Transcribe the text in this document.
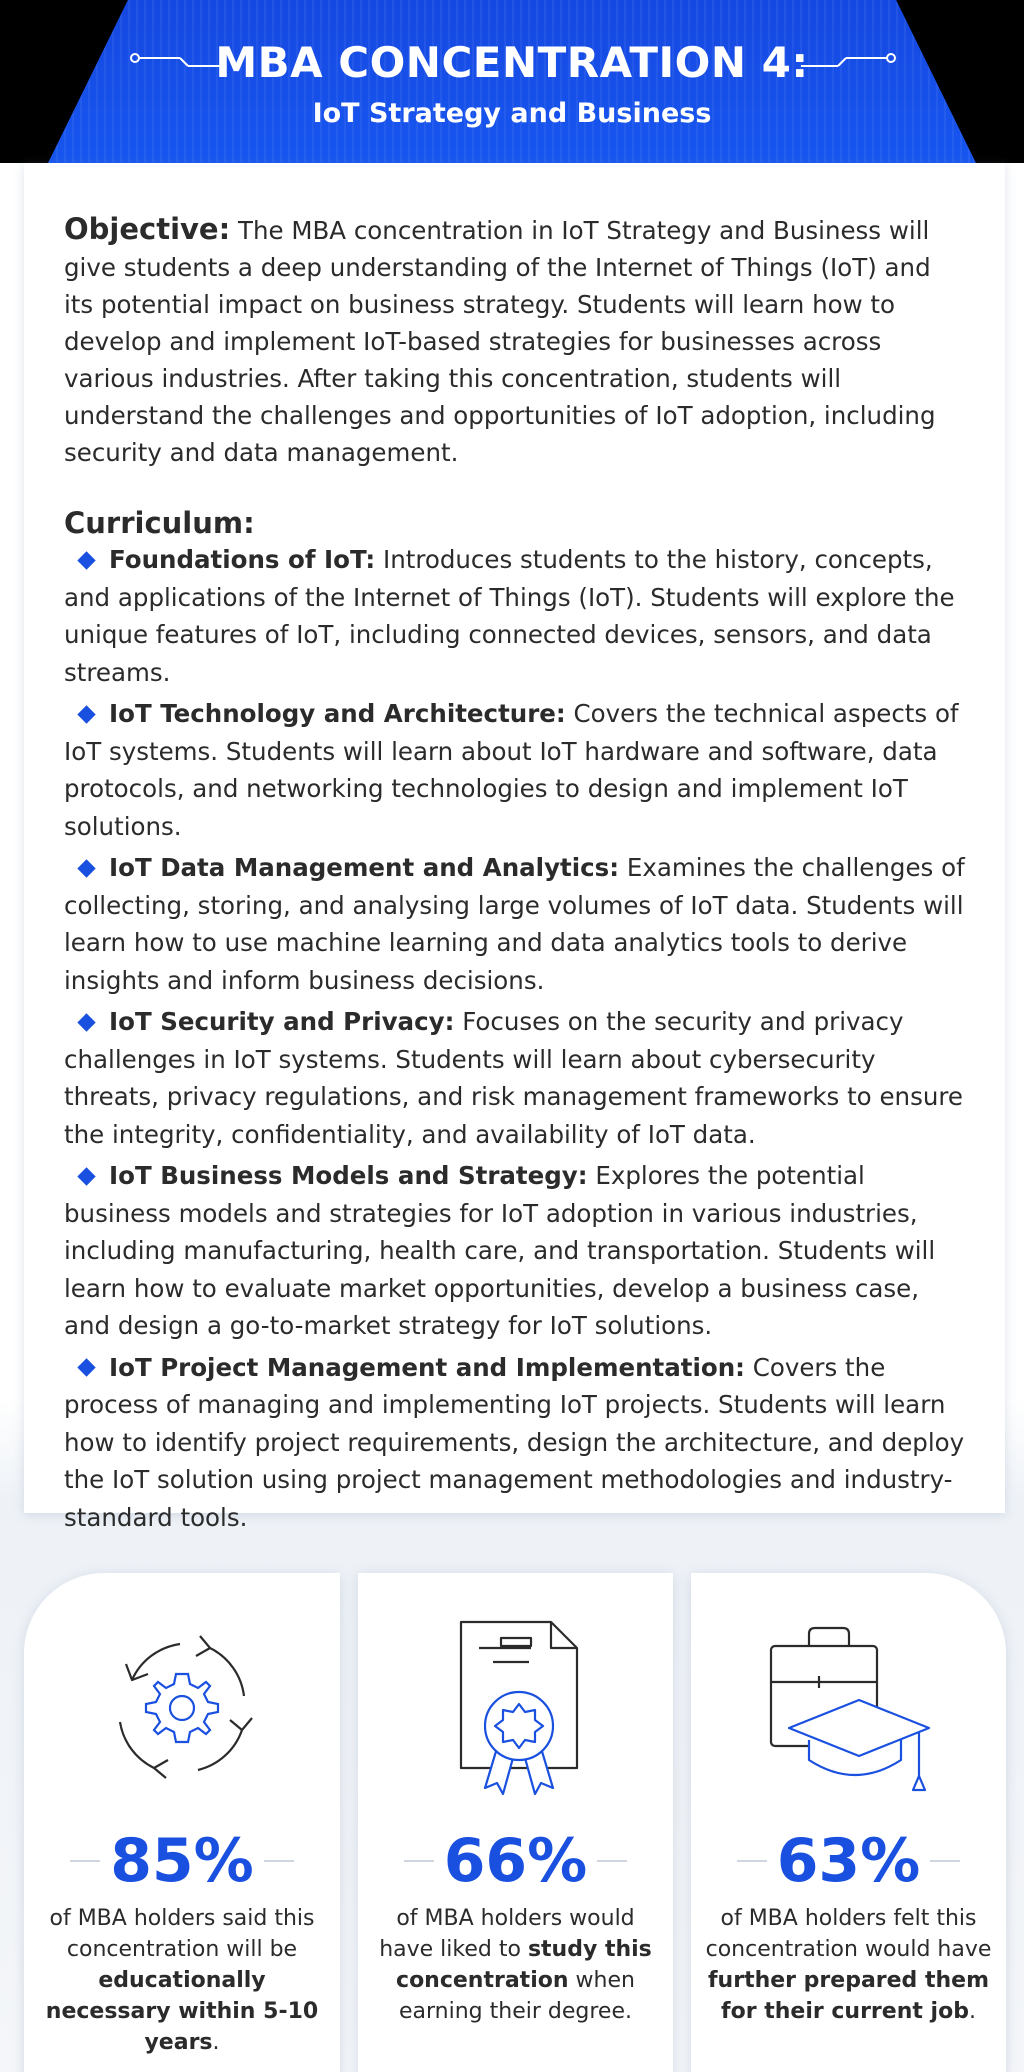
MBA CONCENTRATION 4:
IoT Strategy and Business

Objective: The MBA concentration in IoT Strategy and Business will give students a deep understanding of the Internet of Things (IoT) and its potential impact on business strategy. Students will learn how to develop and implement IoT-based strategies for businesses across various industries. After taking this concentration, students will understand the challenges and opportunities of IoT adoption, including security and data management.

Curriculum:

Foundations of IoT: Introduces students to the history, concepts, and applications of the Internet of Things (IoT). Students will explore the unique features of IoT, including connected devices, sensors, and data streams.

IoT Technology and Architecture: Covers the technical aspects of IoT systems. Students will learn about IoT hardware and software, data protocols, and networking technologies to design and implement IoT solutions.

IoT Data Management and Analytics: Examines the challenges of collecting, storing, and analysing large volumes of IoT data. Students will learn how to use machine learning and data analytics tools to derive insights and inform business decisions.

IoT Security and Privacy: Focuses on the security and privacy challenges in IoT systems. Students will learn about cybersecurity threats, privacy regulations, and risk management frameworks to ensure the integrity, confidentiality, and availability of IoT data.

IoT Business Models and Strategy: Explores the potential business models and strategies for IoT adoption in various industries, including manufacturing, health care, and transportation. Students will learn how to evaluate market opportunities, develop a business case, and design a go-to-market strategy for IoT solutions.

IoT Project Management and Implementation: Covers the process of managing and implementing IoT projects. Students will learn how to identify project requirements, design the architecture, and deploy the IoT solution using project management methodologies and industry-standard tools.

85%

of MBA holders said this concentration will be educationally necessary within 5-10 years.

66%

of MBA holders would have liked to study this concentration when earning their degree.

63%

of MBA holders felt this concentration would have further prepared them for their current job.
